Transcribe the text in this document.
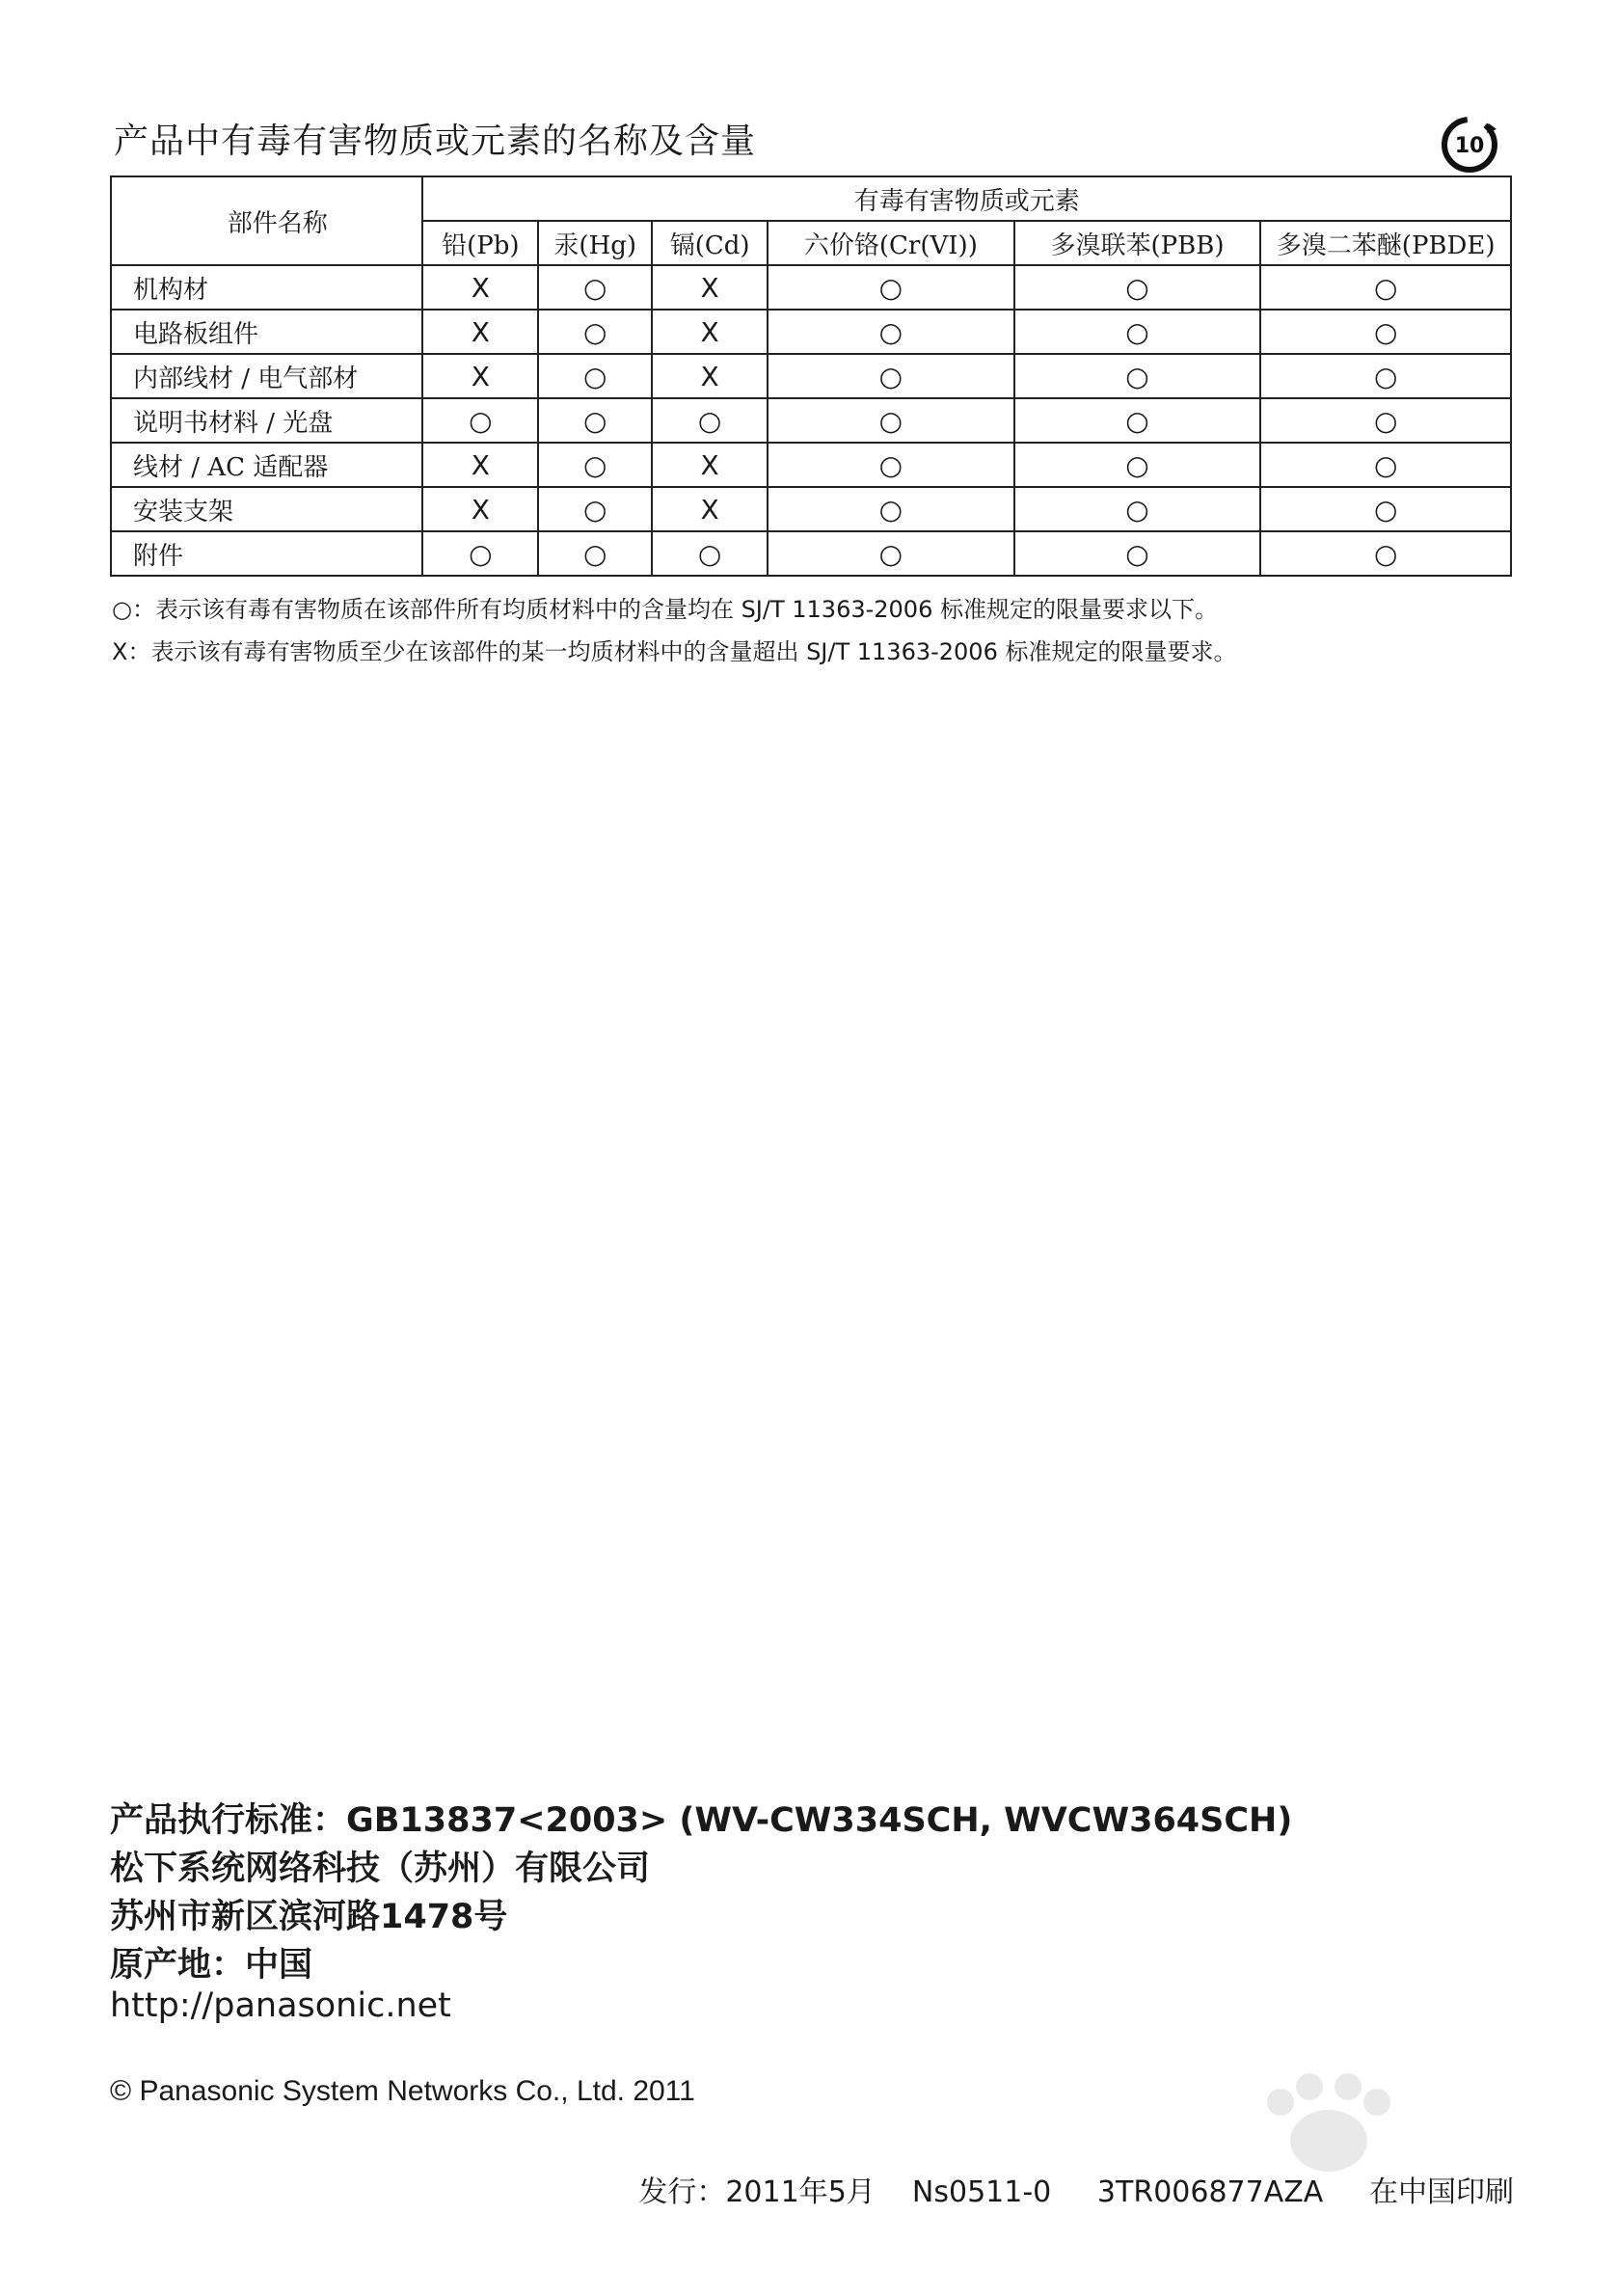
产品中有毒有害物质或元素的名称及含量	10
部件名称	有毒有害物质或元素					
	铅(Pb)	汞(Hg)	镉(Cd)	六价铬(Cr(VI))	多溴联苯(PBB)	多溴二苯醚(PBDE)
机构材	X	○	X	○	○	○
电路板组件	X	○	X	○	○	○
内部线材 / 电气部材	X	○	X	○	○	○
说明书材料 / 光盘	○	○	○	○	○	○
线材 / AC 适配器	X	○	X	○	○	○
安装支架	X	○	X	○	○	○
附件	○	○	○	○	○	○
○：表示该有毒有害物质在该部件所有均质材料中的含量均在 SJ/T 11363-2006 标准规定的限量要求以下。
X：表示该有毒有害物质至少在该部件的某一均质材料中的含量超出 SJ/T 11363-2006 标准规定的限量要求。
产品执行标准：GB13837<2003> (WV-CW334SCH, WVCW364SCH)
松下系统网络科技（苏州）有限公司
苏州市新区滨河路1478号
原产地：中国
http://panasonic.net
© Panasonic System Networks Co., Ltd. 2011
发行：2011年5月    Ns0511-0     3TR006877AZA     在中国印刷
